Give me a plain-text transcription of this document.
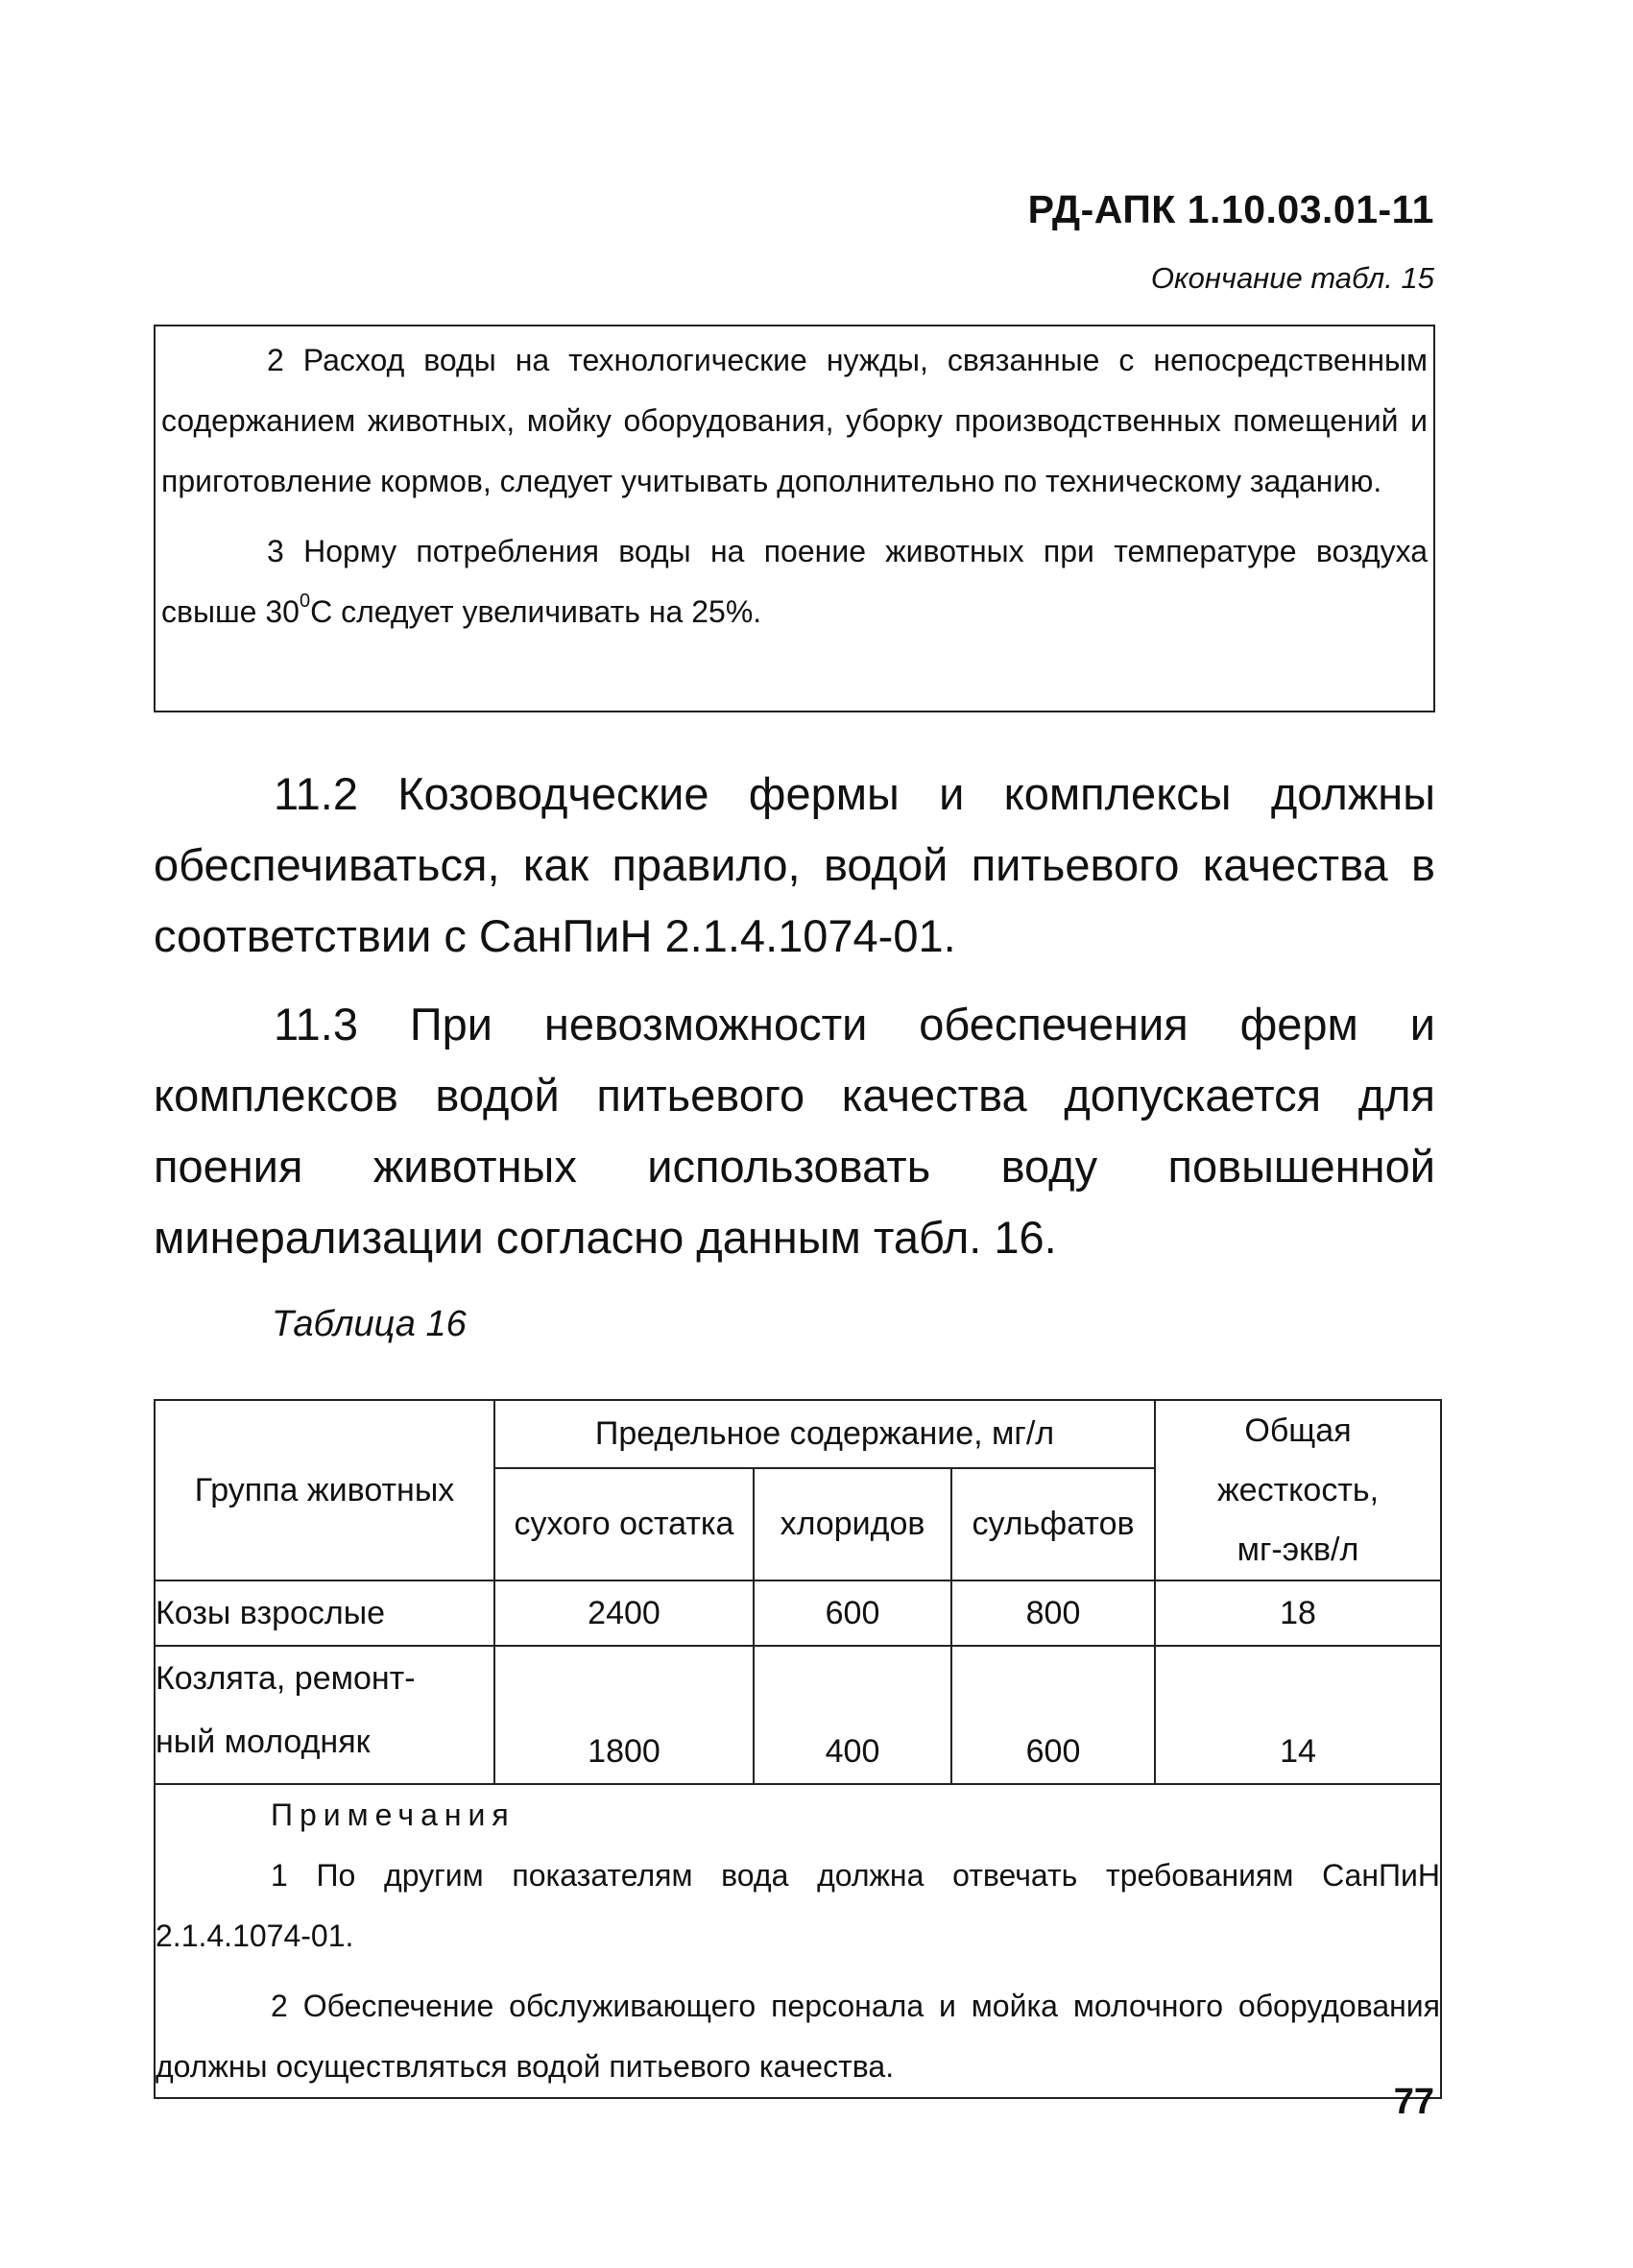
РД-АПК 1.10.03.01-11
Окончание табл. 15

2 Расход воды на технологические нужды, связанные с непосредственным содержанием животных, мойку оборудования, уборку производственных помещений и приготовление кормов, следует учитывать дополнительно по техническому заданию.

3 Норму потребления воды на поение животных при температуре воздуха свыше $30^0С$ следует увеличивать на 25%.

11.2 Козоводческие фермы и комплексы должны обеспечиваться, как правило, водой питьевого качества в соответствии с СанПиН 2.1.4.1074-01.

11.3 При невозможности обеспечения ферм и комплексов водой питьевого качества допускается для поения животных использовать воду повышенной минерализации согласно данным табл. 16.

Таблица 16
Группа животных	Предельное содержание, мг/л			Общая
жесткость,
мг-экв/л

	сухого остатка	хлоридов	сульфатов	
Козы взрослые	2400	600	800	18

Козлята, ремонт-
ный молодняк	1800	400	600	14

Примечания

1 По другим показателям вода должна отвечать требованиям СанПиН 2.1.4.1074-01.

2 Обеспечение обслуживающего персонала и мойка молочного оборудования должны осуществляться водой питьевого качества.				

77
